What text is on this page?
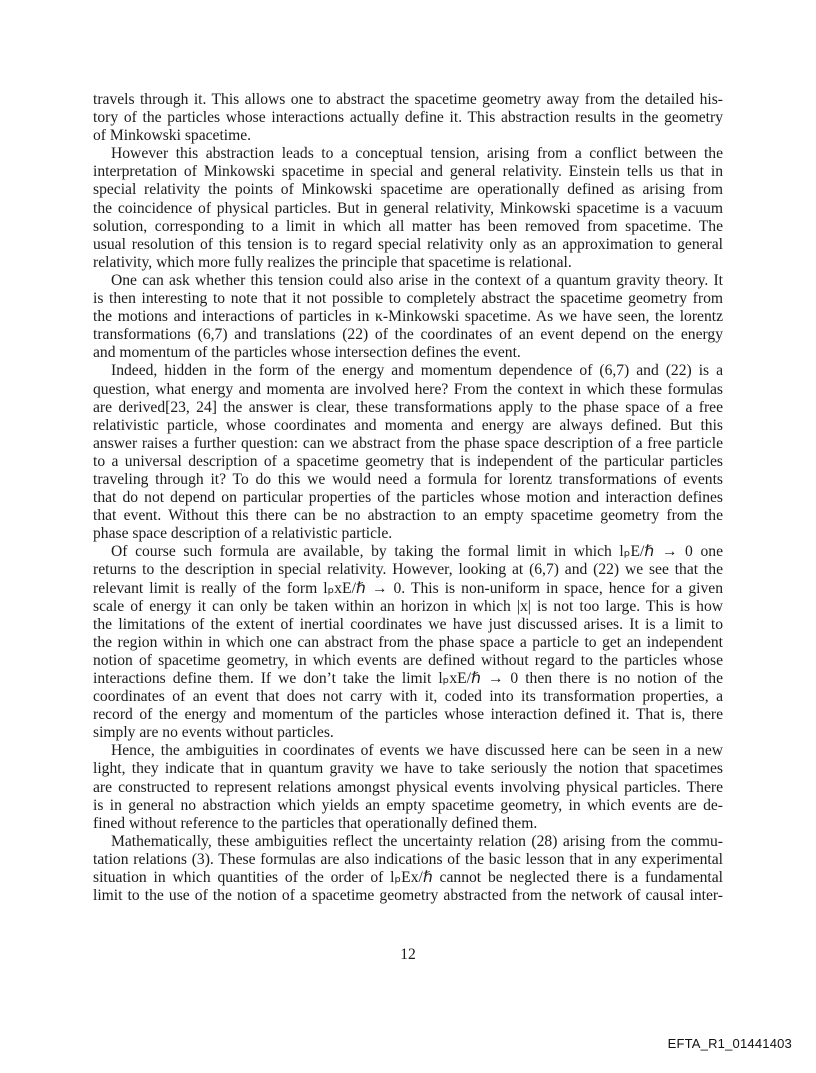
travels through it. This allows one to abstract the spacetime geometry away from the detailed his-
tory of the particles whose interactions actually define it. This abstraction results in the geometry
of Minkowski spacetime.
However this abstraction leads to a conceptual tension, arising from a conflict between the
interpretation of Minkowski spacetime in special and general relativity. Einstein tells us that in
special relativity the points of Minkowski spacetime are operationally defined as arising from
the coincidence of physical particles. But in general relativity, Minkowski spacetime is a vacuum
solution, corresponding to a limit in which all matter has been removed from spacetime. The
usual resolution of this tension is to regard special relativity only as an approximation to general
relativity, which more fully realizes the principle that spacetime is relational.
One can ask whether this tension could also arise in the context of a quantum gravity theory. It
is then interesting to note that it not possible to completely abstract the spacetime geometry from
the motions and interactions of particles in κ-Minkowski spacetime. As we have seen, the lorentz
transformations (6,7) and translations (22) of the coordinates of an event depend on the energy
and momentum of the particles whose intersection defines the event.
Indeed, hidden in the form of the energy and momentum dependence of (6,7) and (22) is a
question, what energy and momenta are involved here? From the context in which these formulas
are derived[23, 24] the answer is clear, these transformations apply to the phase space of a free
relativistic particle, whose coordinates and momenta and energy are always defined. But this
answer raises a further question: can we abstract from the phase space description of a free particle
to a universal description of a spacetime geometry that is independent of the particular particles
traveling through it? To do this we would need a formula for lorentz transformations of events
that do not depend on particular properties of the particles whose motion and interaction defines
that event. Without this there can be no abstraction to an empty spacetime geometry from the
phase space description of a relativistic particle.
Of course such formula are available, by taking the formal limit in which lₚE/ℏ → 0 one
returns to the description in special relativity. However, looking at (6,7) and (22) we see that the
relevant limit is really of the form lₚxE/ℏ → 0. This is non-uniform in space, hence for a given
scale of energy it can only be taken within an horizon in which |x| is not too large. This is how
the limitations of the extent of inertial coordinates we have just discussed arises. It is a limit to
the region within in which one can abstract from the phase space a particle to get an independent
notion of spacetime geometry, in which events are defined without regard to the particles whose
interactions define them. If we don’t take the limit lₚxE/ℏ → 0 then there is no notion of the
coordinates of an event that does not carry with it, coded into its transformation properties, a
record of the energy and momentum of the particles whose interaction defined it. That is, there
simply are no events without particles.
Hence, the ambiguities in coordinates of events we have discussed here can be seen in a new
light, they indicate that in quantum gravity we have to take seriously the notion that spacetimes
are constructed to represent relations amongst physical events involving physical particles. There
is in general no abstraction which yields an empty spacetime geometry, in which events are de-
fined without reference to the particles that operationally defined them.
Mathematically, these ambiguities reflect the uncertainty relation (28) arising from the commu-
tation relations (3). These formulas are also indications of the basic lesson that in any experimental
situation in which quantities of the order of lₚEx/ℏ cannot be neglected there is a fundamental
limit to the use of the notion of a spacetime geometry abstracted from the network of causal inter-
12
EFTA_R1_01441403
